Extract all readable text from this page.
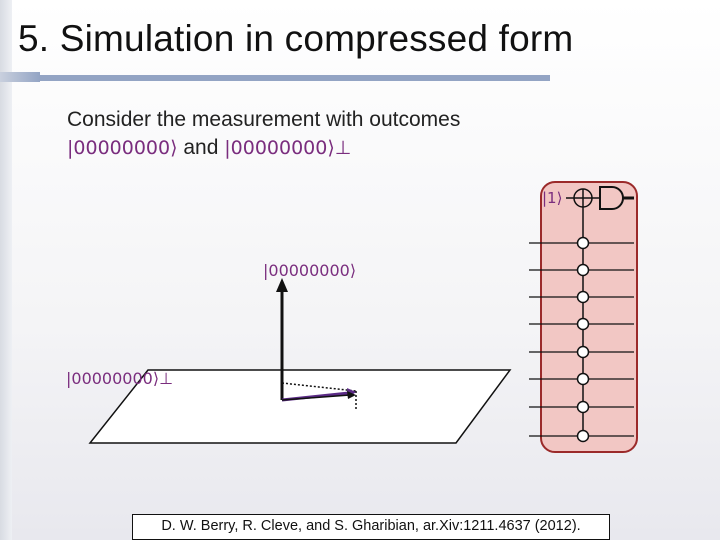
5. Simulation in compressed form
Consider the measurement with outcomes
|00000000⟩ and |00000000⟩⊥
|00000000⟩
|00000000⟩⊥
|1⟩
D. W. Berry, R. Cleve, and S. Gharibian, ar.Xiv:1211.4637 (2012).
